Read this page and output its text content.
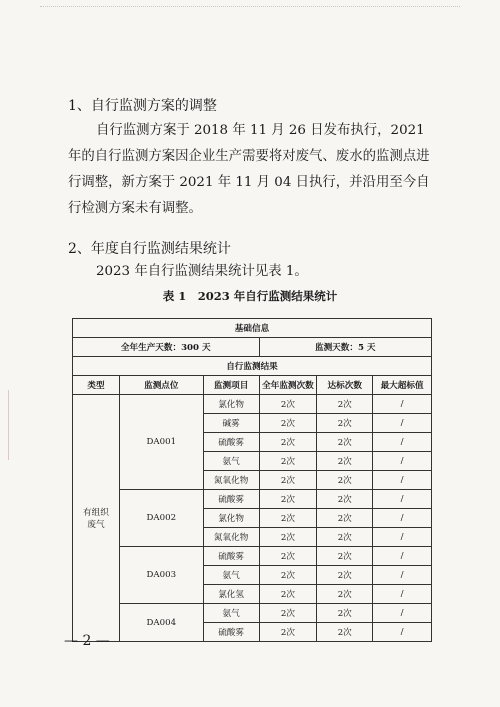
1、自行监测方案的调整
自行监测方案于 2018 年 11 月 26 日发布执行，2021 年的自行监测方案因企业生产需要将对废气、废水的监测点进行调整，新方案于 2021 年 11 月 04 日执行，并沿用至今自行检测方案未有调整。
2、年度自行监测结果统计
2023 年自行监测结果统计见表 1。
表 1　2023 年自行监测结果统计
基础信息					
全年生产天数：300 天			监测天数：5 天		
自行监测结果					
类型	监测点位	监测项目	全年监测次数	达标次数	最大超标值
有组织废气	DA001	氯化物	2次	2次	/
		碱雾	2次	2次	/
		硫酸雾	2次	2次	/
		氨气	2次	2次	/
		氮氧化物	2次	2次	/
	DA002	硫酸雾	2次	2次	/
		氯化物	2次	2次	/
		氮氧化物	2次	2次	/
	DA003	硫酸雾	2次	2次	/
		氨气	2次	2次	/
		氯化氢	2次	2次	/
	DA004	氨气	2次	2次	/
		硫酸雾	2次	2次	/
— 2 —
